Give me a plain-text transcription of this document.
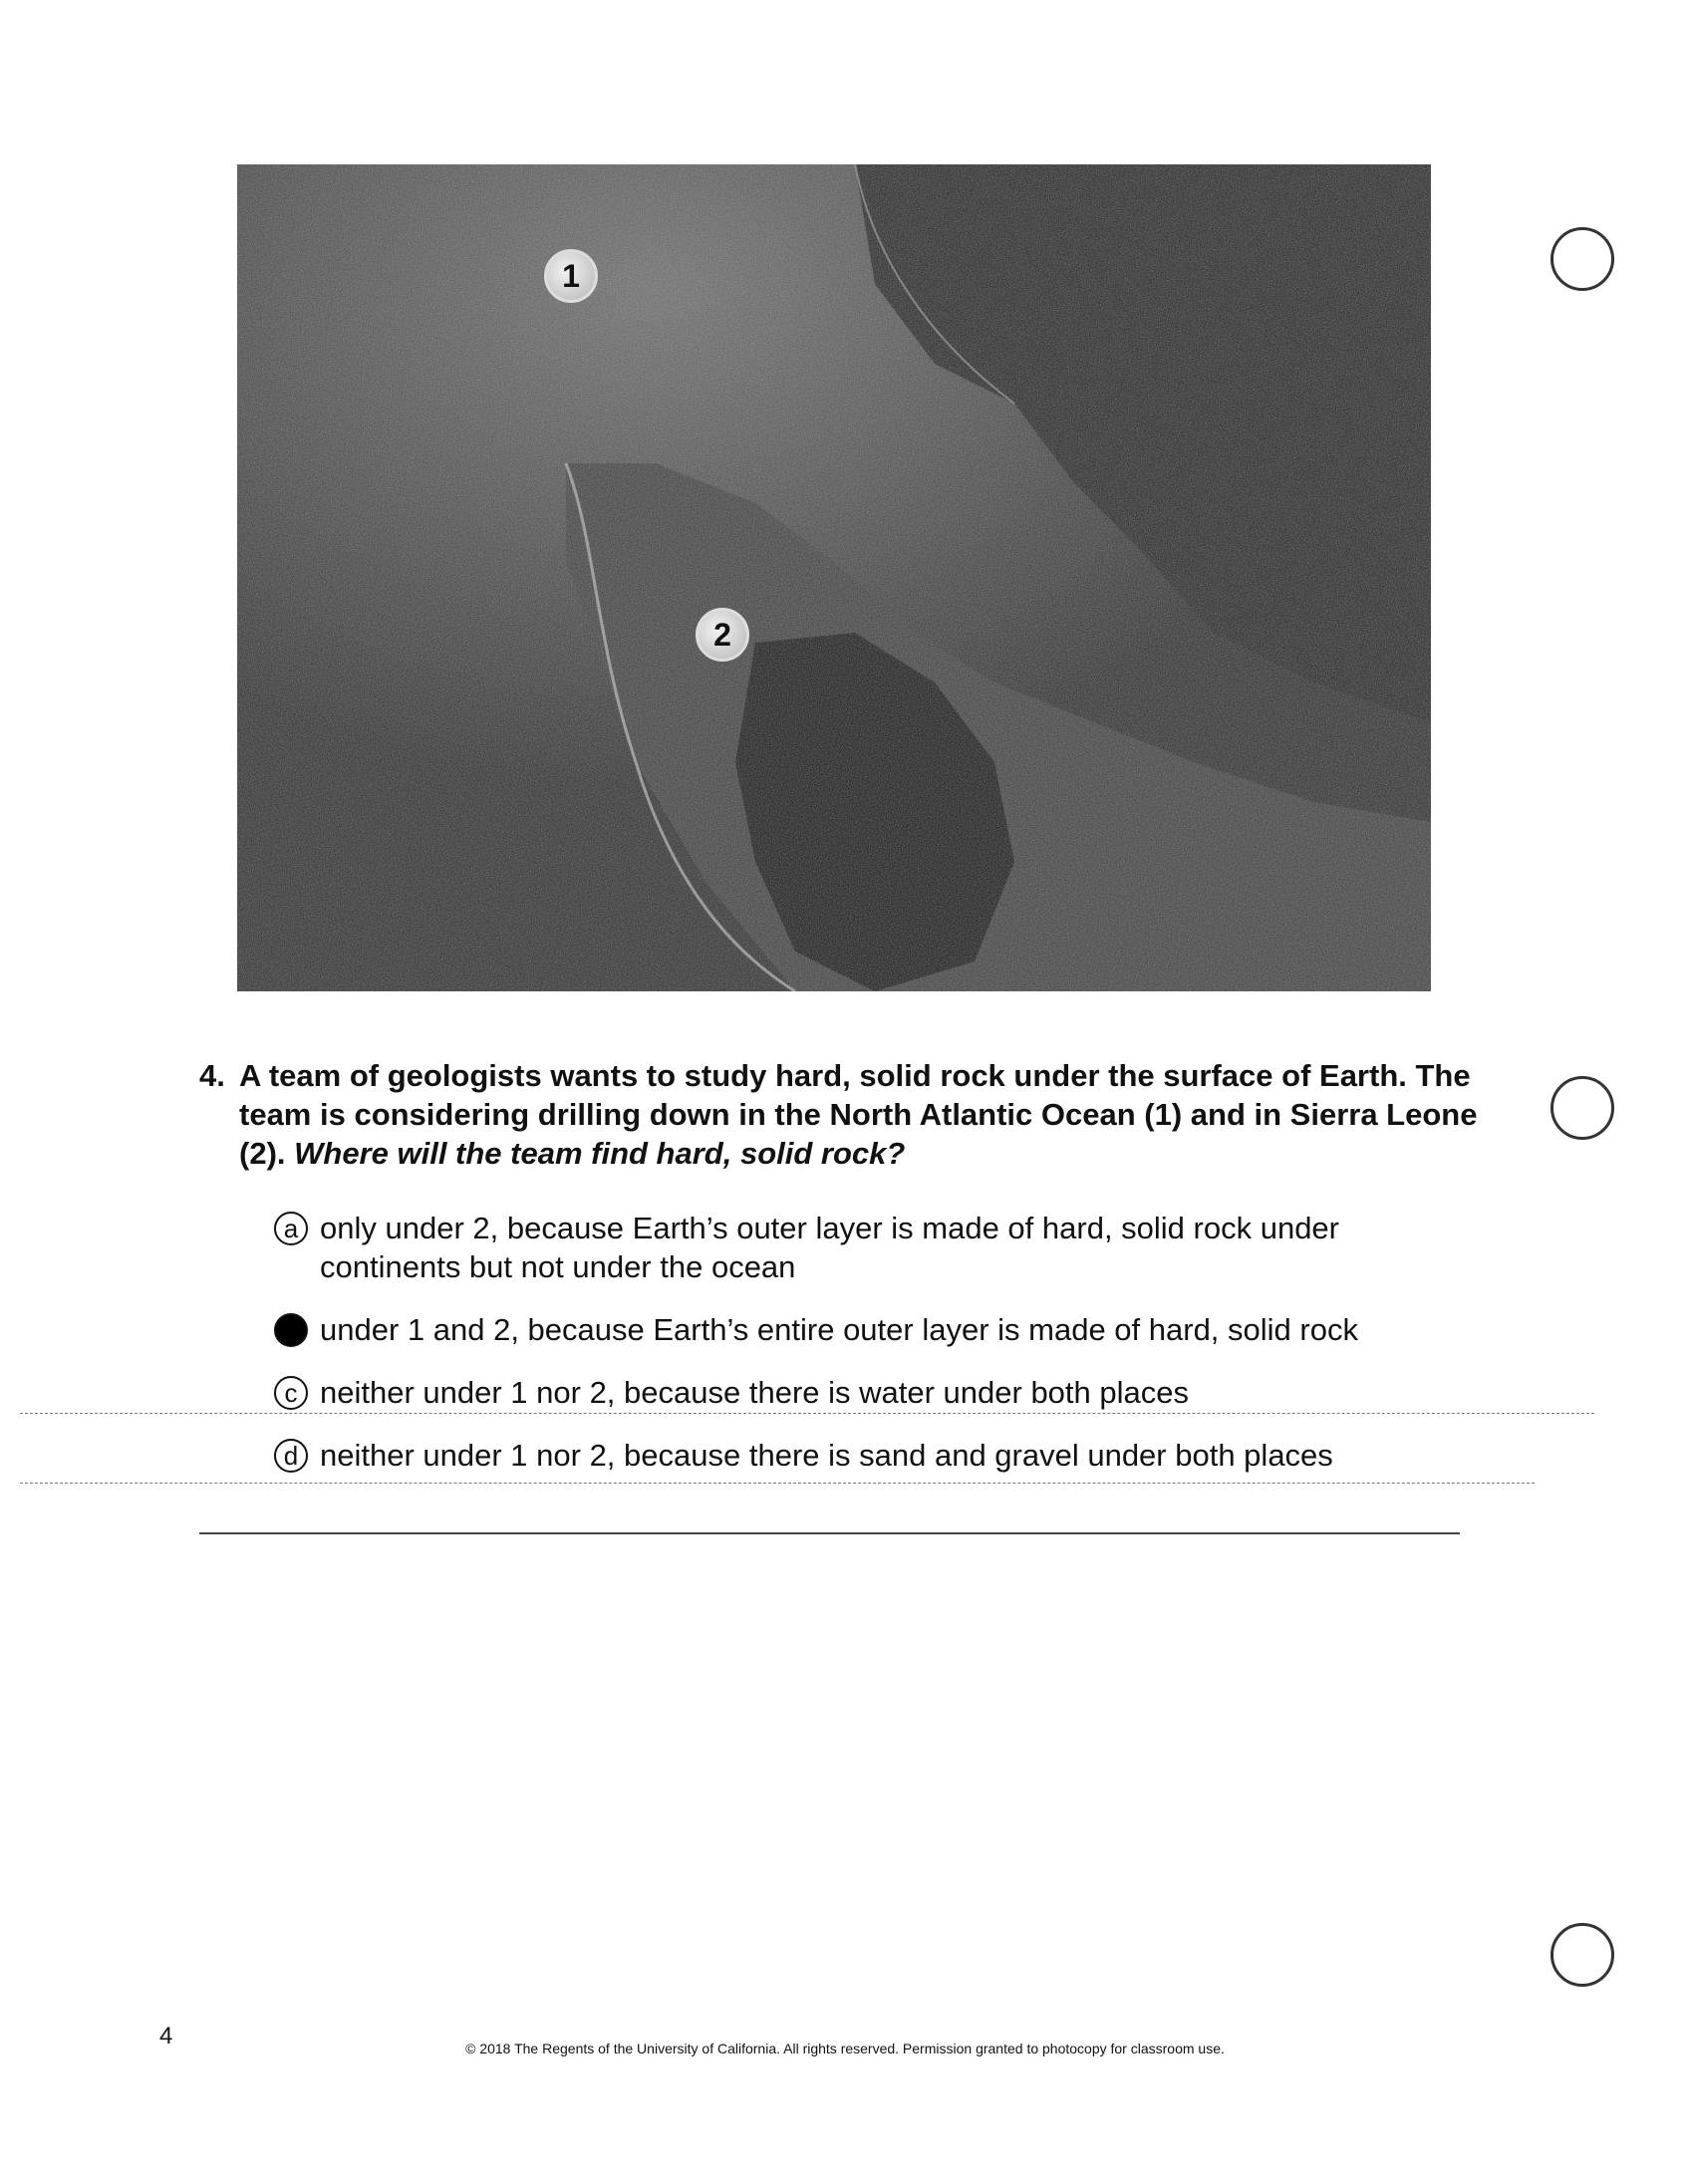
1
2
4. A team of geologists wants to study hard, solid rock under the surface of Earth. The team is considering drilling down in the North Atlantic Ocean (1) and in Sierra Leone (2). Where will the team find hard, solid rock?
a only under 2, because Earth’s outer layer is made of hard, solid rock under continents but not under the ocean
under 1 and 2, because Earth’s entire outer layer is made of hard, solid rock
c neither under 1 nor 2, because there is water under both places
d neither under 1 nor 2, because there is sand and gravel under both places
4	© 2018 The Regents of the University of California. All rights reserved. Permission granted to photocopy for classroom use.
